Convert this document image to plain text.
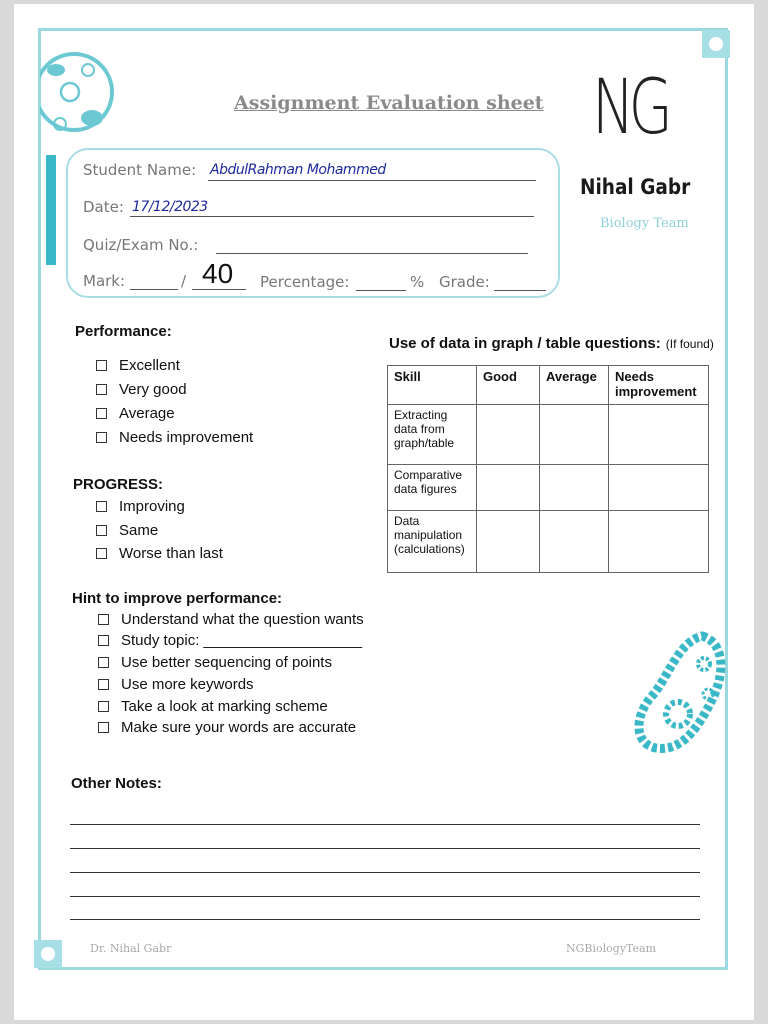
Assignment Evaluation sheet NG
Nihal Gabr
Biology Team
Student Name: AbdulRahman Mohammed
Date: 17/12/2023
Quiz/Exam No.:
Mark:	/ 40 Percentage:	% Grade:
Performance:
Excellent
Very good
Average
Needs improvement
PROGRESS:
Improving
Same
Worse than last
Use of data in graph / table questions: (If found)
Skill	Good	Average	Needs improvement
Extracting data from graph/table			
Comparative data figures			
Data manipulation (calculations)			
Hint to improve performance:
Understand what the question wants
Study topic: ___________________
Use better sequencing of points
Use more keywords
Take a look at marking scheme
Make sure your words are accurate
Other Notes:
Dr. Nihal Gabr	NGBiologyTeam
